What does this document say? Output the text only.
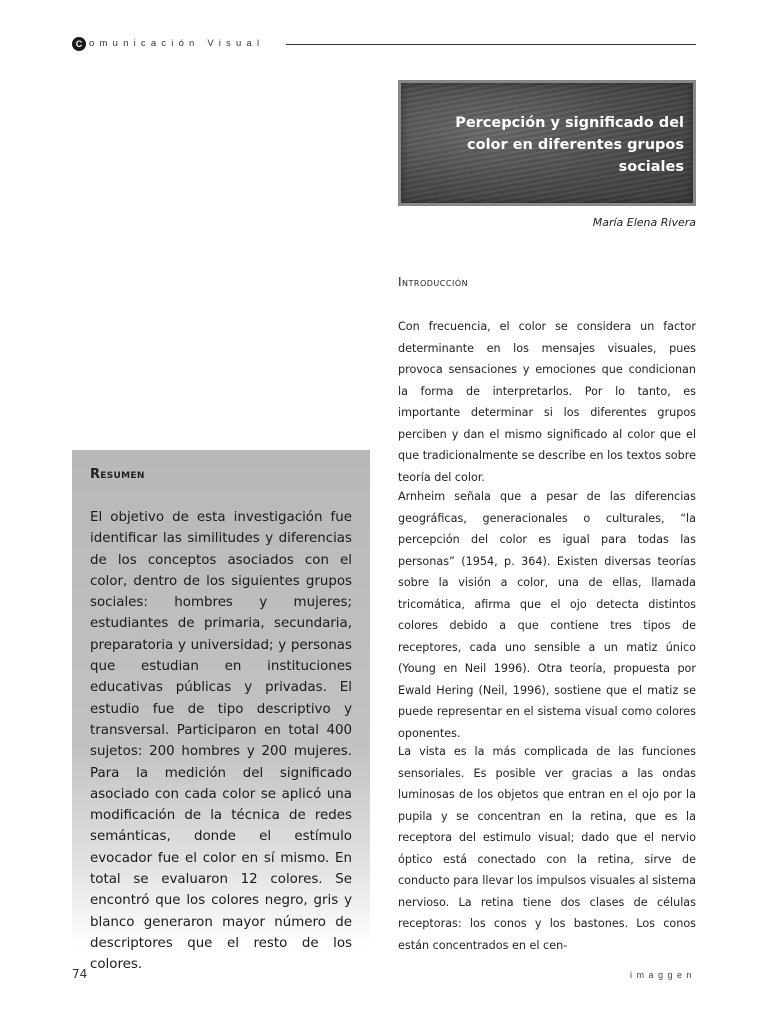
C omunicación Visual
Percepción y significado del color en diferentes grupos sociales
María Elena Rivera
Introducción

Con frecuencia, el color se considera un factor determinante en los mensajes visuales, pues provoca sensaciones y emociones que condicionan la forma de interpretarlos. Por lo tanto, es importante determinar si los diferentes grupos perciben y dan el mismo significado al color que el que tradicionalmente se describe en los textos sobre teoría del color.

Arnheim señala que a pesar de las diferencias geográficas, generacionales o culturales, “la percepción del color es igual para todas las personas” (1954, p. 364). Existen diversas teorías sobre la visión a color, una de ellas, llamada tricomática, afirma que el ojo detecta distintos colores debido a que contiene tres tipos de receptores, cada uno sensible a un matiz único (Young en Neil 1996). Otra teoría, propuesta por Ewald Hering (Neil, 1996), sostiene que el matiz se puede representar en el sistema visual como colores oponentes.

La vista es la más complicada de las funciones sensoriales. Es posible ver gracias a las ondas luminosas de los objetos que entran en el ojo por la pupila y se concentran en la retina, que es la receptora del estimulo visual; dado que el nervio óptico está conectado con la retina, sirve de conducto para llevar los impulsos visuales al sistema nervioso. La retina tiene dos clases de células receptoras: los conos y los bastones. Los conos están concentrados en el cen-

Resumen

El objetivo de esta investigación fue identificar las similitudes y diferencias de los conceptos asociados con el color, dentro de los siguientes grupos sociales: hombres y mujeres; estudiantes de primaria, secundaria, preparatoria y universidad; y personas que estudian en instituciones educativas públicas y privadas. El estudio fue de tipo descriptivo y transversal. Participaron en total 400 sujetos: 200 hombres y 200 mujeres. Para la medición del significado asociado con cada color se aplicó una modificación de la técnica de redes semánticas, donde el estímulo evocador fue el color en sí mismo. En total se evaluaron 12 colores. Se encontró que los colores negro, gris y blanco generaron mayor número de descriptores que el resto de los colores.

74	imaggen
